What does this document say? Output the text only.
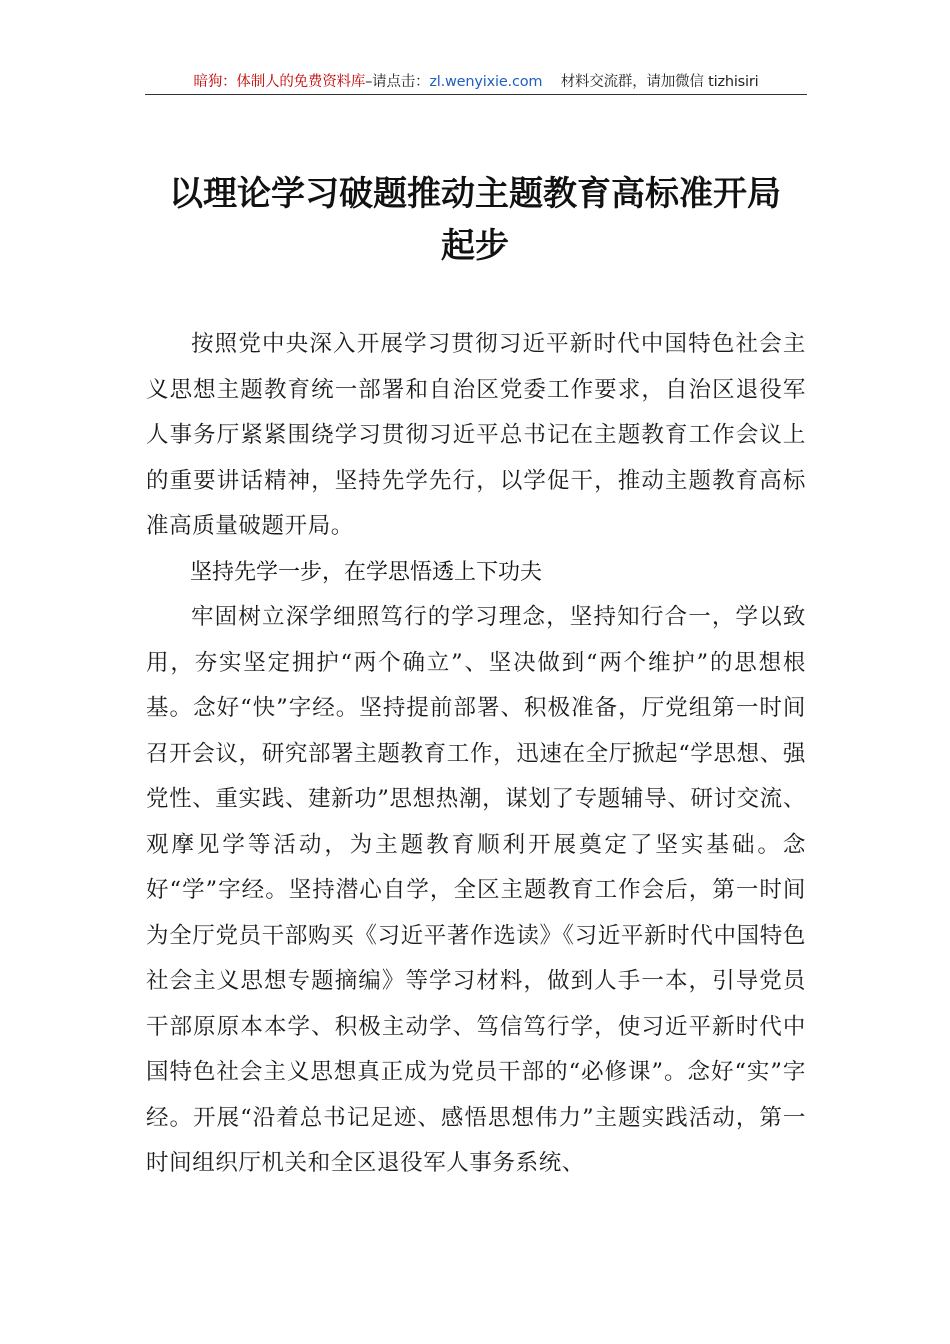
暗狗：体制人的免费资料库–请点击：zl.wenyixie.com 材料交流群，请加微信 tizhisiri
以理论学习破题推动主题教育高标准开局
起步

按照党中央深入开展学习贯彻习近平新时代中国特色社会主义思想主题教育统一部署和自治区党委工作要求，自治区退役军人事务厅紧紧围绕学习贯彻习近平总书记在主题教育工作会议上的重要讲话精神，坚持先学先行，以学促干，推动主题教育高标准高质量破题开局。

坚持先学一步，在学思悟透上下功夫

牢固树立深学细照笃行的学习理念，坚持知行合一，学以致用，夯实坚定拥护“两个确立”、坚决做到“两个维护”的思想根基。念好“快”字经。坚持提前部署、积极准备，厅党组第一时间召开会议，研究部署主题教育工作，迅速在全厅掀起“学思想、强党性、重实践、建新功”思想热潮，谋划了专题辅导、研讨交流、观摩见学等活动，为主题教育顺利开展奠定了坚实基础。念好“学”字经。坚持潜心自学，全区主题教育工作会后，第一时间为全厅党员干部购买《习近平著作选读》《习近平新时代中国特色社会主义思想专题摘编》等学习材料，做到人手一本，引导党员干部原原本本学、积极主动学、笃信笃行学，使习近平新时代中国特色社会主义思想真正成为党员干部的“必修课”。念好“实”字经。开展“沿着总书记足迹、感悟思想伟力”主题实践活动，第一时间组织厅机关和全区退役军人事务系统、
